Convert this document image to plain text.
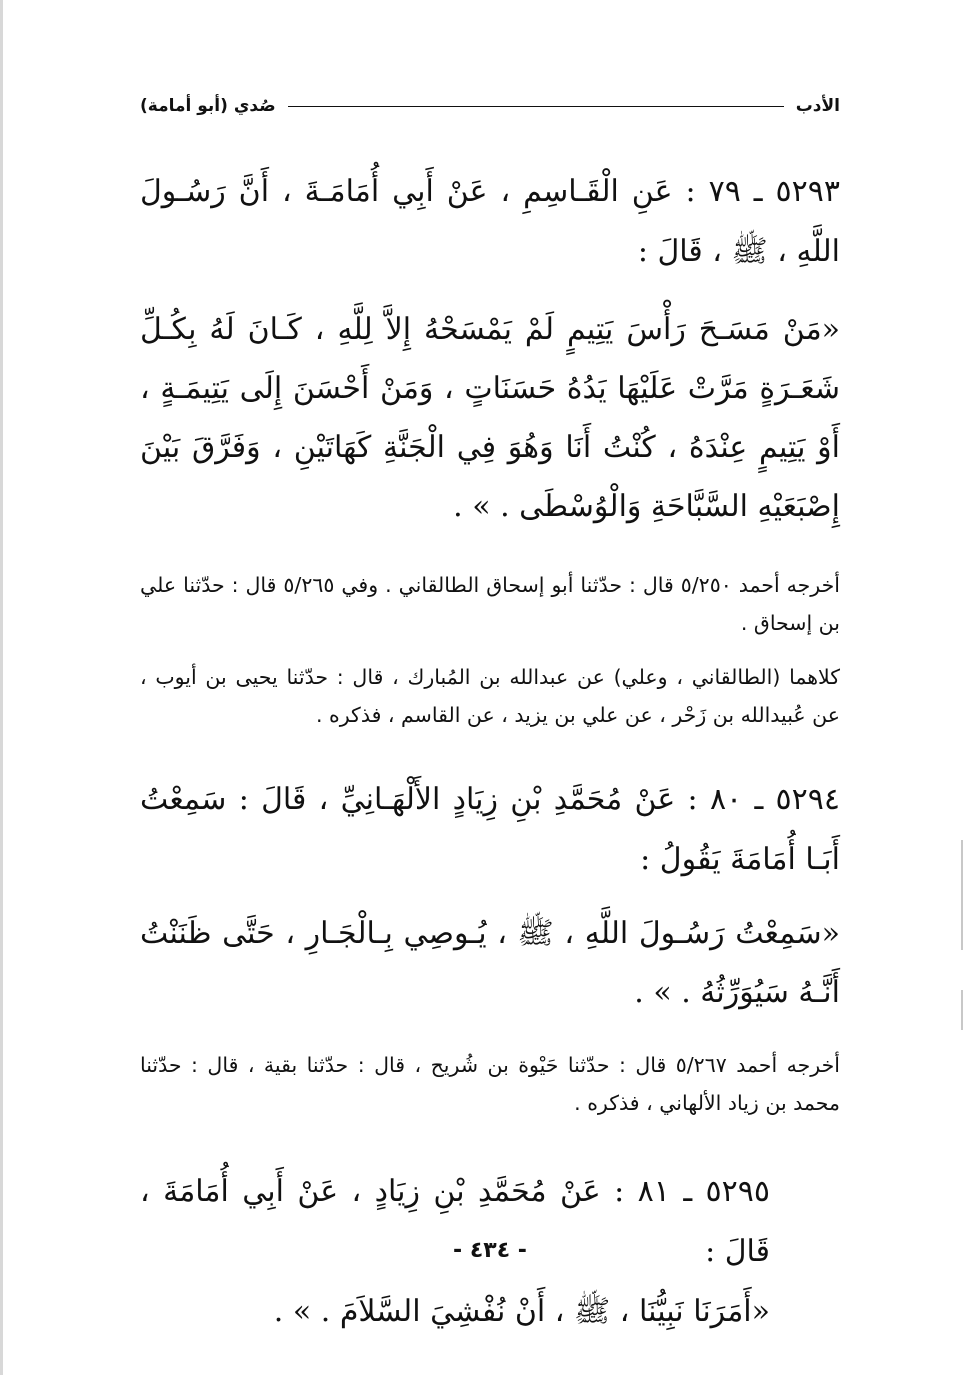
الأدب
صُدي (أبو أمامة)

٥٢٩٣ ـ ٧٩ : عَنِ الْقَـاسِمِ ، عَنْ أَبِي أُمَامَـةَ ، أَنَّ رَسُـولَ اللَّهِ ، ﷺ ، قَالَ :

«مَنْ مَسَـحَ رَأْسَ يَتِيمٍ لَمْ يَمْسَحْهُ إِلاَّ لِلَّهِ ، كَـانَ لَهُ بِكُـلِّ شَعَـرَةٍ مَرَّتْ عَلَيْهَا يَدُهُ حَسَنَاتٍ ، وَمَنْ أَحْسَنَ إِلَى يَتِيمَـةٍ ، أَوْ يَتِيمٍ عِنْدَهُ ، كُنْتُ أَنَا وَهُوَ فِي الْجَنَّةِ كَهَاتَيْنِ ، وَفَرَّقَ بَيْنَ إِصْبَعَيْهِ السَّبَّاحَةِ وَالْوُسْطَى . » .

أخرجه أحمد ٥/٢٥٠ قال : حدّثنا أبو إسحاق الطالقاني . وفي ٥/٢٦٥ قال : حدّثنا علي بن إسحاق .

كلاهما (الطالقاني ، وعلي) عن عبدالله بن المُبارك ، قال : حدّثنا يحيى بن أيوب ، عن عُبيدالله بن زَحْر ، عن علي بن يزيد ، عن القاسم ، فذكره .

٥٢٩٤ ـ ٨٠ : عَنْ مُحَمَّدِ بْنِ زِيَادٍ الأَلْهَـانِيِّ ، قَالَ : سَمِعْتُ أَبَـا أُمَامَةَ يَقُولُ :

«سَمِعْتُ رَسُـولَ اللَّهِ ، ﷺ ، يُـوصِي بِـالْجَـارِ ، حَتَّى ظَنَنْتُ أَنَّـهُ سَيُوَرِّثُهُ . » .

أخرجه أحمد ٥/٢٦٧ قال : حدّثنا حَيْوة بن شُريح ، قال : حدّثنا بقية ، قال : حدّثنا محمد بن زياد الألهاني ، فذكره .

٥٢٩٥ ـ ٨١ : عَنْ مُحَمَّدِ بْنِ زِيَادٍ ، عَنْ أَبِي أُمَامَةَ ، قَالَ :

«أَمَرَنَا نَبِيُّنَا ، ﷺ ، أَنْ نُفْشِيَ السَّلاَمَ . » .

- ٤٣٤ -
